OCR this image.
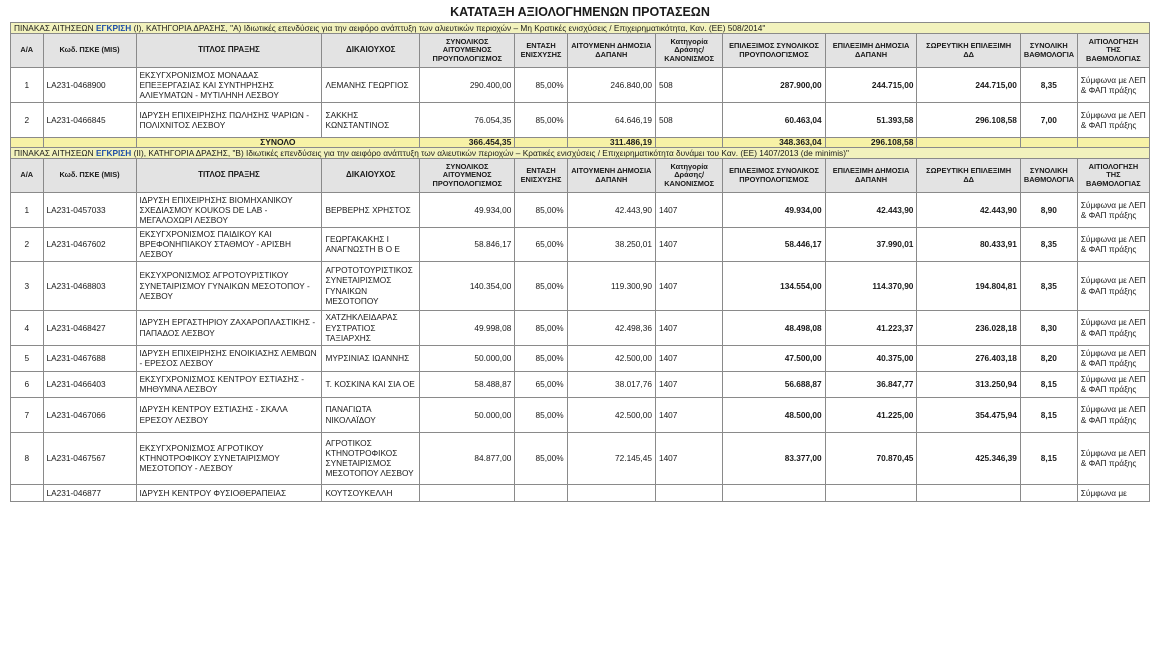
ΚΑΤΑΤΑΞΗ ΑΞΙΟΛΟΓΗΜΕΝΩΝ ΠΡΟΤΑΣΕΩΝ
ΠΙΝΑΚΑΣ ΑΙΤΗΣΕΩΝ ΕΓΚΡΙΣΗ (Ι), ΚΑΤΗΓΟΡΙΑ ΔΡΑΣΗΣ, "Α) Ιδιωτικές επενδύσεις για την αειφόρο ανάπτυξη των αλιευτικών περιοχών – Μη Κρατικές ενισχύσεις / Επιχειρηματικότητα, Καν. (ΕΕ) 508/2014"												
Α/Α	Κωδ. ΠΣΚΕ (MIS)	ΤΙΤΛΟΣ ΠΡΑΞΗΣ	ΔΙΚΑΙΟΥΧΟΣ	ΣΥΝΟΛΙΚΟΣ ΑΙΤΟΥΜΕΝΟΣ ΠΡΟΥΠΟΛΟΓΙΣΜΟΣ	ΕΝΤΑΣΗ ΕΝΙΣΧΥΣΗΣ	ΑΙΤΟΥΜΕΝΗ ΔΗΜΟΣΙΑ ΔΑΠΑΝΗ	Κατηγορία Δράσης/ΚΑΝΟΝΙΣΜΟΣ	ΕΠΙΛΕΞΙΜΟΣ ΣΥΝΟΛΙΚΟΣ ΠΡΟΥΠΟΛΟΓΙΣΜΟΣ	ΕΠΙΛΕΞΙΜΗ ΔΗΜΟΣΙΑ ΔΑΠΑΝΗ	ΣΩΡΕΥΤΙΚΗ ΕΠΙΛΕΞΙΜΗ ΔΔ	ΣΥΝΟΛΙΚΗ ΒΑΘΜΟΛΟΓΙΑ	ΑΙΤΙΟΛΟΓΗΣΗ ΤΗΣ ΒΑΘΜΟΛΟΓΙΑΣ
1	LA231-0468900	ΕΚΣΥΓΧΡΟΝΙΣΜΟΣ ΜΟΝΑΔΑΣ ΕΠΕΞΕΡΓΑΣΙΑΣ ΚΑΙ ΣΥΝΤΗΡΗΣΗΣ ΑΛΙΕΥΜΑΤΩΝ - ΜΥΤΙΛΗΝΗ ΛΕΣΒΟΥ	ΛΕΜΑΝΗΣ ΓΕΩΡΓΙΟΣ	290.400,00	85,00%	246.840,00	508	287.900,00	244.715,00	244.715,00	8,35	Σύμφωνα με ΛΕΠ & ΦΑΠ πράξης
2	LA231-0466845	ΙΔΡΥΣΗ ΕΠΙΧΕΙΡΗΣΗΣ ΠΩΛΗΣΗΣ ΨΑΡΙΩΝ - ΠΟΛΙΧΝΙΤΟΣ ΛΕΣΒΟΥ	ΣΑΚΚΗΣ ΚΩΝΣΤΑΝΤΙΝΟΣ	76.054,35	85,00%	64.646,19	508	60.463,04	51.393,58	296.108,58	7,00	Σύμφωνα με ΛΕΠ & ΦΑΠ πράξης
		ΣΥΝΟΛΟ		366.454,35		311.486,19		348.363,04	296.108,58			
ΠΙΝΑΚΑΣ ΑΙΤΗΣΕΩΝ ΕΓΚΡΙΣΗ (ΙΙ), ΚΑΤΗΓΟΡΙΑ ΔΡΑΣΗΣ, "Β) Ιδιωτικές επενδύσεις για την αειφόρο ανάπτυξη των αλιευτικών περιοχών – Κρατικές ενισχύσεις / Επιχειρηματικότητα δυνάμει του Καν. (ΕΕ) 1407/2013 (de minimis)"												
Α/Α	Κωδ. ΠΣΚΕ (MIS)	ΤΙΤΛΟΣ ΠΡΑΞΗΣ	ΔΙΚΑΙΟΥΧΟΣ	ΣΥΝΟΛΙΚΟΣ ΑΙΤΟΥΜΕΝΟΣ ΠΡΟΥΠΟΛΟΓΙΣΜΟΣ	ΕΝΤΑΣΗ ΕΝΙΣΧΥΣΗΣ	ΑΙΤΟΥΜΕΝΗ ΔΗΜΟΣΙΑ ΔΑΠΑΝΗ	Κατηγορία Δράσης/ΚΑΝΟΝΙΣΜΟΣ	ΕΠΙΛΕΞΙΜΟΣ ΣΥΝΟΛΙΚΟΣ ΠΡΟΥΠΟΛΟΓΙΣΜΟΣ	ΕΠΙΛΕΞΙΜΗ ΔΗΜΟΣΙΑ ΔΑΠΑΝΗ	ΣΩΡΕΥΤΙΚΗ ΕΠΙΛΕΞΙΜΗ ΔΔ	ΣΥΝΟΛΙΚΗ ΒΑΘΜΟΛΟΓΙΑ	ΑΙΤΙΟΛΟΓΗΣΗ ΤΗΣ ΒΑΘΜΟΛΟΓΙΑΣ
1	LA231-0457033	ΙΔΡΥΣΗ ΕΠΙΧΕΙΡΗΣΗΣ ΒΙΟΜΗΧΑΝΙΚΟΥ ΣΧΕΔΙΑΣΜΟΥ KOUKOS DE LAB - ΜΕΓΑΛΟΧΩΡΙ ΛΕΣΒΟΥ	ΒΕΡΒΕΡΗΣ ΧΡΗΣΤΟΣ	49.934,00	85,00%	42.443,90	1407	49.934,00	42.443,90	42.443,90	8,90	Σύμφωνα με ΛΕΠ & ΦΑΠ πράξης
2	LA231-0467602	ΕΚΣΥΓΧΡΟΝΙΣΜΟΣ ΠΑΙΔΙΚΟΥ ΚΑΙ ΒΡΕΦΟΝΗΠΙΑΚΟΥ ΣΤΑΘΜΟΥ - ΑΡΙΣΒΗ ΛΕΣΒΟΥ	ΓΕΩΡΓΑΚΑΚΗΣ Ι ΑΝΑΓΝΩΣΤΗ Β Ο Ε	58.846,17	65,00%	38.250,01	1407	58.446,17	37.990,01	80.433,91	8,35	Σύμφωνα με ΛΕΠ & ΦΑΠ πράξης
3	LA231-0468803	ΕΚΣΥΧΡΟΝΙΣΜΟΣ ΑΓΡΟΤΟΥΡΙΣΤΙΚΟΥ ΣΥΝΕΤΑΙΡΙΣΜΟΥ ΓΥΝΑΙΚΩΝ ΜΕΣΟΤΟΠΟΥ - ΛΕΣΒΟΥ	ΑΓΡΟΤΟΤΟΥΡΙΣΤΙΚΟΣ ΣΥΝΕΤΑΙΡΙΣΜΟΣ ΓΥΝΑΙΚΩΝ ΜΕΣΟΤΟΠΟΥ	140.354,00	85,00%	119.300,90	1407	134.554,00	114.370,90	194.804,81	8,35	Σύμφωνα με ΛΕΠ & ΦΑΠ πράξης
4	LA231-0468427	ΙΔΡΥΣΗ ΕΡΓΑΣΤΗΡΙΟΥ ΖΑΧΑΡΟΠΛΑΣΤΙΚΗΣ - ΠΑΠΑΔΟΣ ΛΕΣΒΟΥ	ΧΑΤΖΗΚΛΕΙΔΑΡΑΣ ΕΥΣΤΡΑΤΙΟΣ ΤΑΞΙΑΡΧΗΣ	49.998,08	85,00%	42.498,36	1407	48.498,08	41.223,37	236.028,18	8,30	Σύμφωνα με ΛΕΠ & ΦΑΠ πράξης
5	LA231-0467688	ΙΔΡΥΣΗ ΕΠΙΧΕΙΡΗΣΗΣ ΕΝΟΙΚΙΑΣΗΣ ΛΕΜΒΩΝ - ΕΡΕΣΟΣ ΛΕΣΒΟΥ	ΜΥΡΣΙΝΙΑΣ ΙΩΑΝΝΗΣ	50.000,00	85,00%	42.500,00	1407	47.500,00	40.375,00	276.403,18	8,20	Σύμφωνα με ΛΕΠ & ΦΑΠ πράξης
6	LA231-0466403	ΕΚΣΥΓΧΡΟΝΙΣΜΟΣ ΚΕΝΤΡΟΥ ΕΣΤΙΑΣΗΣ - ΜΗΘΥΜΝΑ ΛΕΣΒΟΥ	Τ. ΚΟΣΚΙΝΑ ΚΑΙ ΣΙΑ ΟΕ	58.488,87	65,00%	38.017,76	1407	56.688,87	36.847,77	313.250,94	8,15	Σύμφωνα με ΛΕΠ & ΦΑΠ πράξης
7	LA231-0467066	ΙΔΡΥΣΗ ΚΕΝΤΡΟΥ ΕΣΤΙΑΣΗΣ - ΣΚΑΛΑ ΕΡΕΣΟΥ ΛΕΣΒΟΥ	ΠΑΝΑΓΙΩΤΑ ΝΙΚΟΛΑΪΔΟΥ	50.000,00	85,00%	42.500,00	1407	48.500,00	41.225,00	354.475,94	8,15	Σύμφωνα με ΛΕΠ & ΦΑΠ πράξης
8	LA231-0467567	ΕΚΣΥΓΧΡΟΝΙΣΜΟΣ ΑΓΡΟΤΙΚΟΥ ΚΤΗΝΟΤΡΟΦΙΚΟΥ ΣΥΝΕΤΑΙΡΙΣΜΟΥ ΜΕΣΟΤΟΠΟΥ - ΛΕΣΒΟΥ	ΑΓΡΟΤΙΚΟΣ ΚΤΗΝΟΤΡΟΦΙΚΟΣ ΣΥΝΕΤΑΙΡΙΣΜΟΣ ΜΕΣΟΤΟΠΟΥ ΛΕΣΒΟΥ	84.877,00	85,00%	72.145,45	1407	83.377,00	70.870,45	425.346,39	8,15	Σύμφωνα με ΛΕΠ & ΦΑΠ πράξης
	LA231-046877	ΙΔΡΥΣΗ ΚΕΝΤΡΟΥ ΦΥΣΙΟΘΕΡΑΠΕΙΑΣ	ΚΟΥΤΣΟΥΚΕΛΛΗ									Σύμφωνα με
